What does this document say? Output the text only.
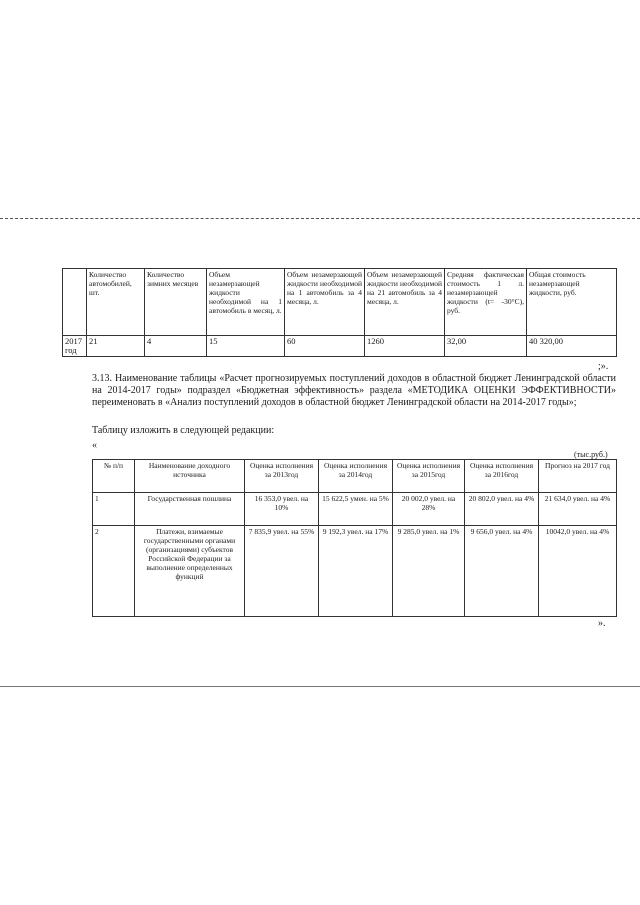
	Количество автомобилей, шт.	Количество зимних месяцев	Объем незамерзающей жидкости необходимой на 1 автомобиль в месяц, л.	Объем незамерзающей жидкости необходимой на 1 автомобиль за 4 месяца, л.	Объем незамерзающей жидкости необходимой на 21 автомобиль за 4 месяца, л.	Средняя фактическая стоимость 1 л. незамерзающей жидкости (t= -30°С), руб.	Общая стоимость незамерзающей жидкости, руб.
2017 год	21	4	15	60	1260	32,00	40 320,00
;».
3.13. Наименование таблицы «Расчет прогнозируемых поступлений доходов в областной бюджет Ленинградской области на 2014-2017 годы» подраздел «Бюджетная эффективность» раздела «МЕТОДИКА ОЦЕНКИ ЭФФЕКТИВНОСТИ» переименовать в «Анализ поступлений доходов в областной бюджет Ленинградской области на 2014-2017 годы»;
Таблицу изложить в следующей редакции:
«
(тыс.руб.)
№ п/п	Наименование доходного источника	Оценка исполнения за 2013год	Оценка исполнения за 2014год	Оценка исполнения за 2015год	Оценка исполнения за 2016год	Прогноз на 2017 год
1	Государственная пошлина	16 353,0 увел. на 10%	15 622,5 умен. на 5%	20 002,0 увел. на 28%	20 802,0 увел. на 4%	21 634,0 увел. на 4%
2	Платежи, взимаемые государственными органами (организациями) субъектов Российской Федерации за выполнение определенных функций	7 835,9 увел. на 55%	9 192,3 увел. на 17%	9 285,0 увел. на 1%	9 656,0 увел. на 4%	10042,0 увел. на 4%
».
